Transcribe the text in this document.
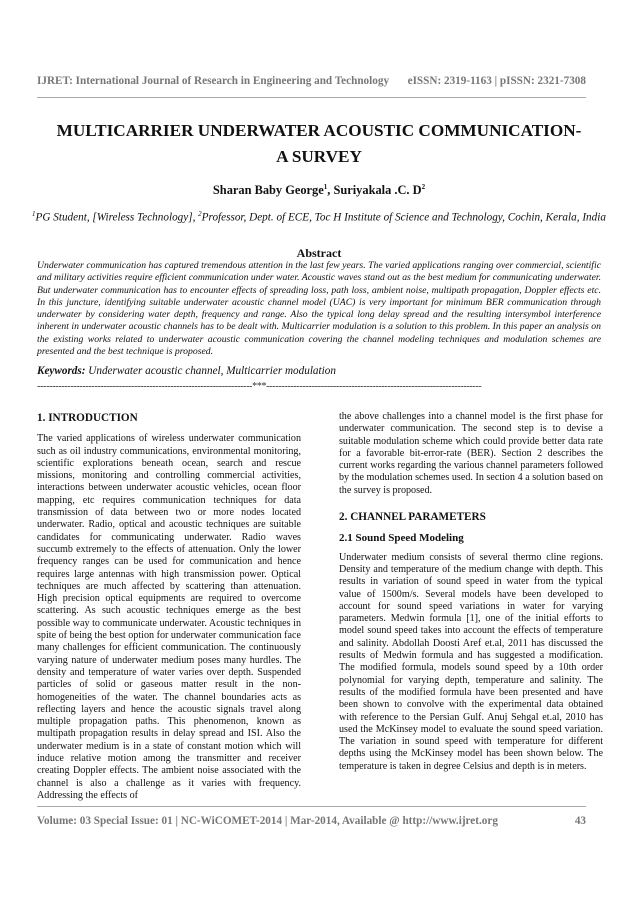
IJRET: International Journal of Research in Engineering and Technology eISSN: 2319-1163 | pISSN: 2321-7308
MULTICARRIER UNDERWATER ACOUSTIC COMMUNICATION- A SURVEY
Sharan Baby George$^1$, Suriyakala .C. $D^2$
$^1$PG Student, [Wireless Technology], $^2$Professor, Dept. of ECE, Toc H Institute of Science and Technology, Cochin, Kerala, India
Abstract
Underwater communication has captured tremendous attention in the last few years. The varied applications ranging over commercial, scientific and military activities require efficient communication under water. Acoustic waves stand out as the best medium for communicating underwater. But underwater communication has to encounter effects of spreading loss, path loss, ambient noise, multipath propagation, Doppler effects etc. In this juncture, identifying suitable underwater acoustic channel model (UAC) is very important for minimum BER communication through underwater by considering water depth, frequency and range. Also the typical long delay spread and the resulting intersymbol interference inherent in underwater acoustic channels has to be dealt with. Multicarrier modulation is a solution to this problem. In this paper an analysis on the existing works related to underwater acoustic communication covering the channel modeling techniques and modulation schemes are presented and the best technique is proposed.
Keywords: Underwater acoustic channel, Multicarrier modulation
-----------------------------------------------------------------------***-----------------------------------------------------------------------
1. INTRODUCTION

The varied applications of wireless underwater communication such as oil industry communications, environmental monitoring, scientific explorations beneath ocean, search and rescue missions, monitoring and controlling commercial activities, interactions between underwater acoustic vehicles, ocean floor mapping, etc requires communication techniques for data transmission of data between two or more nodes located underwater. Radio, optical and acoustic techniques are suitable candidates for communicating underwater. Radio waves succumb extremely to the effects of attenuation. Only the lower frequency ranges can be used for communication and hence requires large antennas with high transmission power. Optical techniques are much affected by scattering than attenuation. High precision optical equipments are required to overcome scattering. As such acoustic techniques emerge as the best possible way to communicate underwater. Acoustic techniques in spite of being the best option for underwater communication face many challenges for efficient communication. The continuously varying nature of underwater medium poses many hurdles. The density and temperature of water varies over depth. Suspended particles of solid or gaseous matter result in the non-homogeneities of the water. The channel boundaries acts as reflecting layers and hence the acoustic signals travel along multiple propagation paths. This phenomenon, known as multipath propagation results in delay spread and ISI. Also the underwater medium is in a state of constant motion which will induce relative motion among the transmitter and receiver creating Doppler effects. The ambient noise associated with the channel is also a challenge as it varies with frequency. Addressing the effects of

the above challenges into a channel model is the first phase for underwater communication. The second step is to devise a suitable modulation scheme which could provide better data rate for a favorable bit-error-rate (BER). Section 2 describes the current works regarding the various channel parameters followed by the modulation schemes used. In section 4 a solution based on the survey is proposed.

2. CHANNEL PARAMETERS
2.1 Sound Speed Modeling

Underwater medium consists of several thermo cline regions. Density and temperature of the medium change with depth. This results in variation of sound speed in water from the typical value of 1500m/s. Several models have been developed to account for sound speed variations in water for varying parameters. Medwin formula [1], one of the initial efforts to model sound speed takes into account the effects of temperature and salinity. Abdollah Doosti Aref et.al, 2011 has discussed the results of Medwin formula and has suggested a modification. The modified formula, models sound speed by a 10th order polynomial for varying depth, temperature and salinity. The results of the modified formula have been presented and have been shown to convolve with the experimental data obtained with reference to the Persian Gulf. Anuj Sehgal et.al, 2010 has used the McKinsey model to evaluate the sound speed variation. The variation in sound speed with temperature for different depths using the McKinsey model has been shown below. The temperature is taken in degree Celsius and depth is in meters.

Volume: 03 Special Issue: 01 | NC-WiCOMET-2014 | Mar-2014, Available @ http://www.ijret.org	43
